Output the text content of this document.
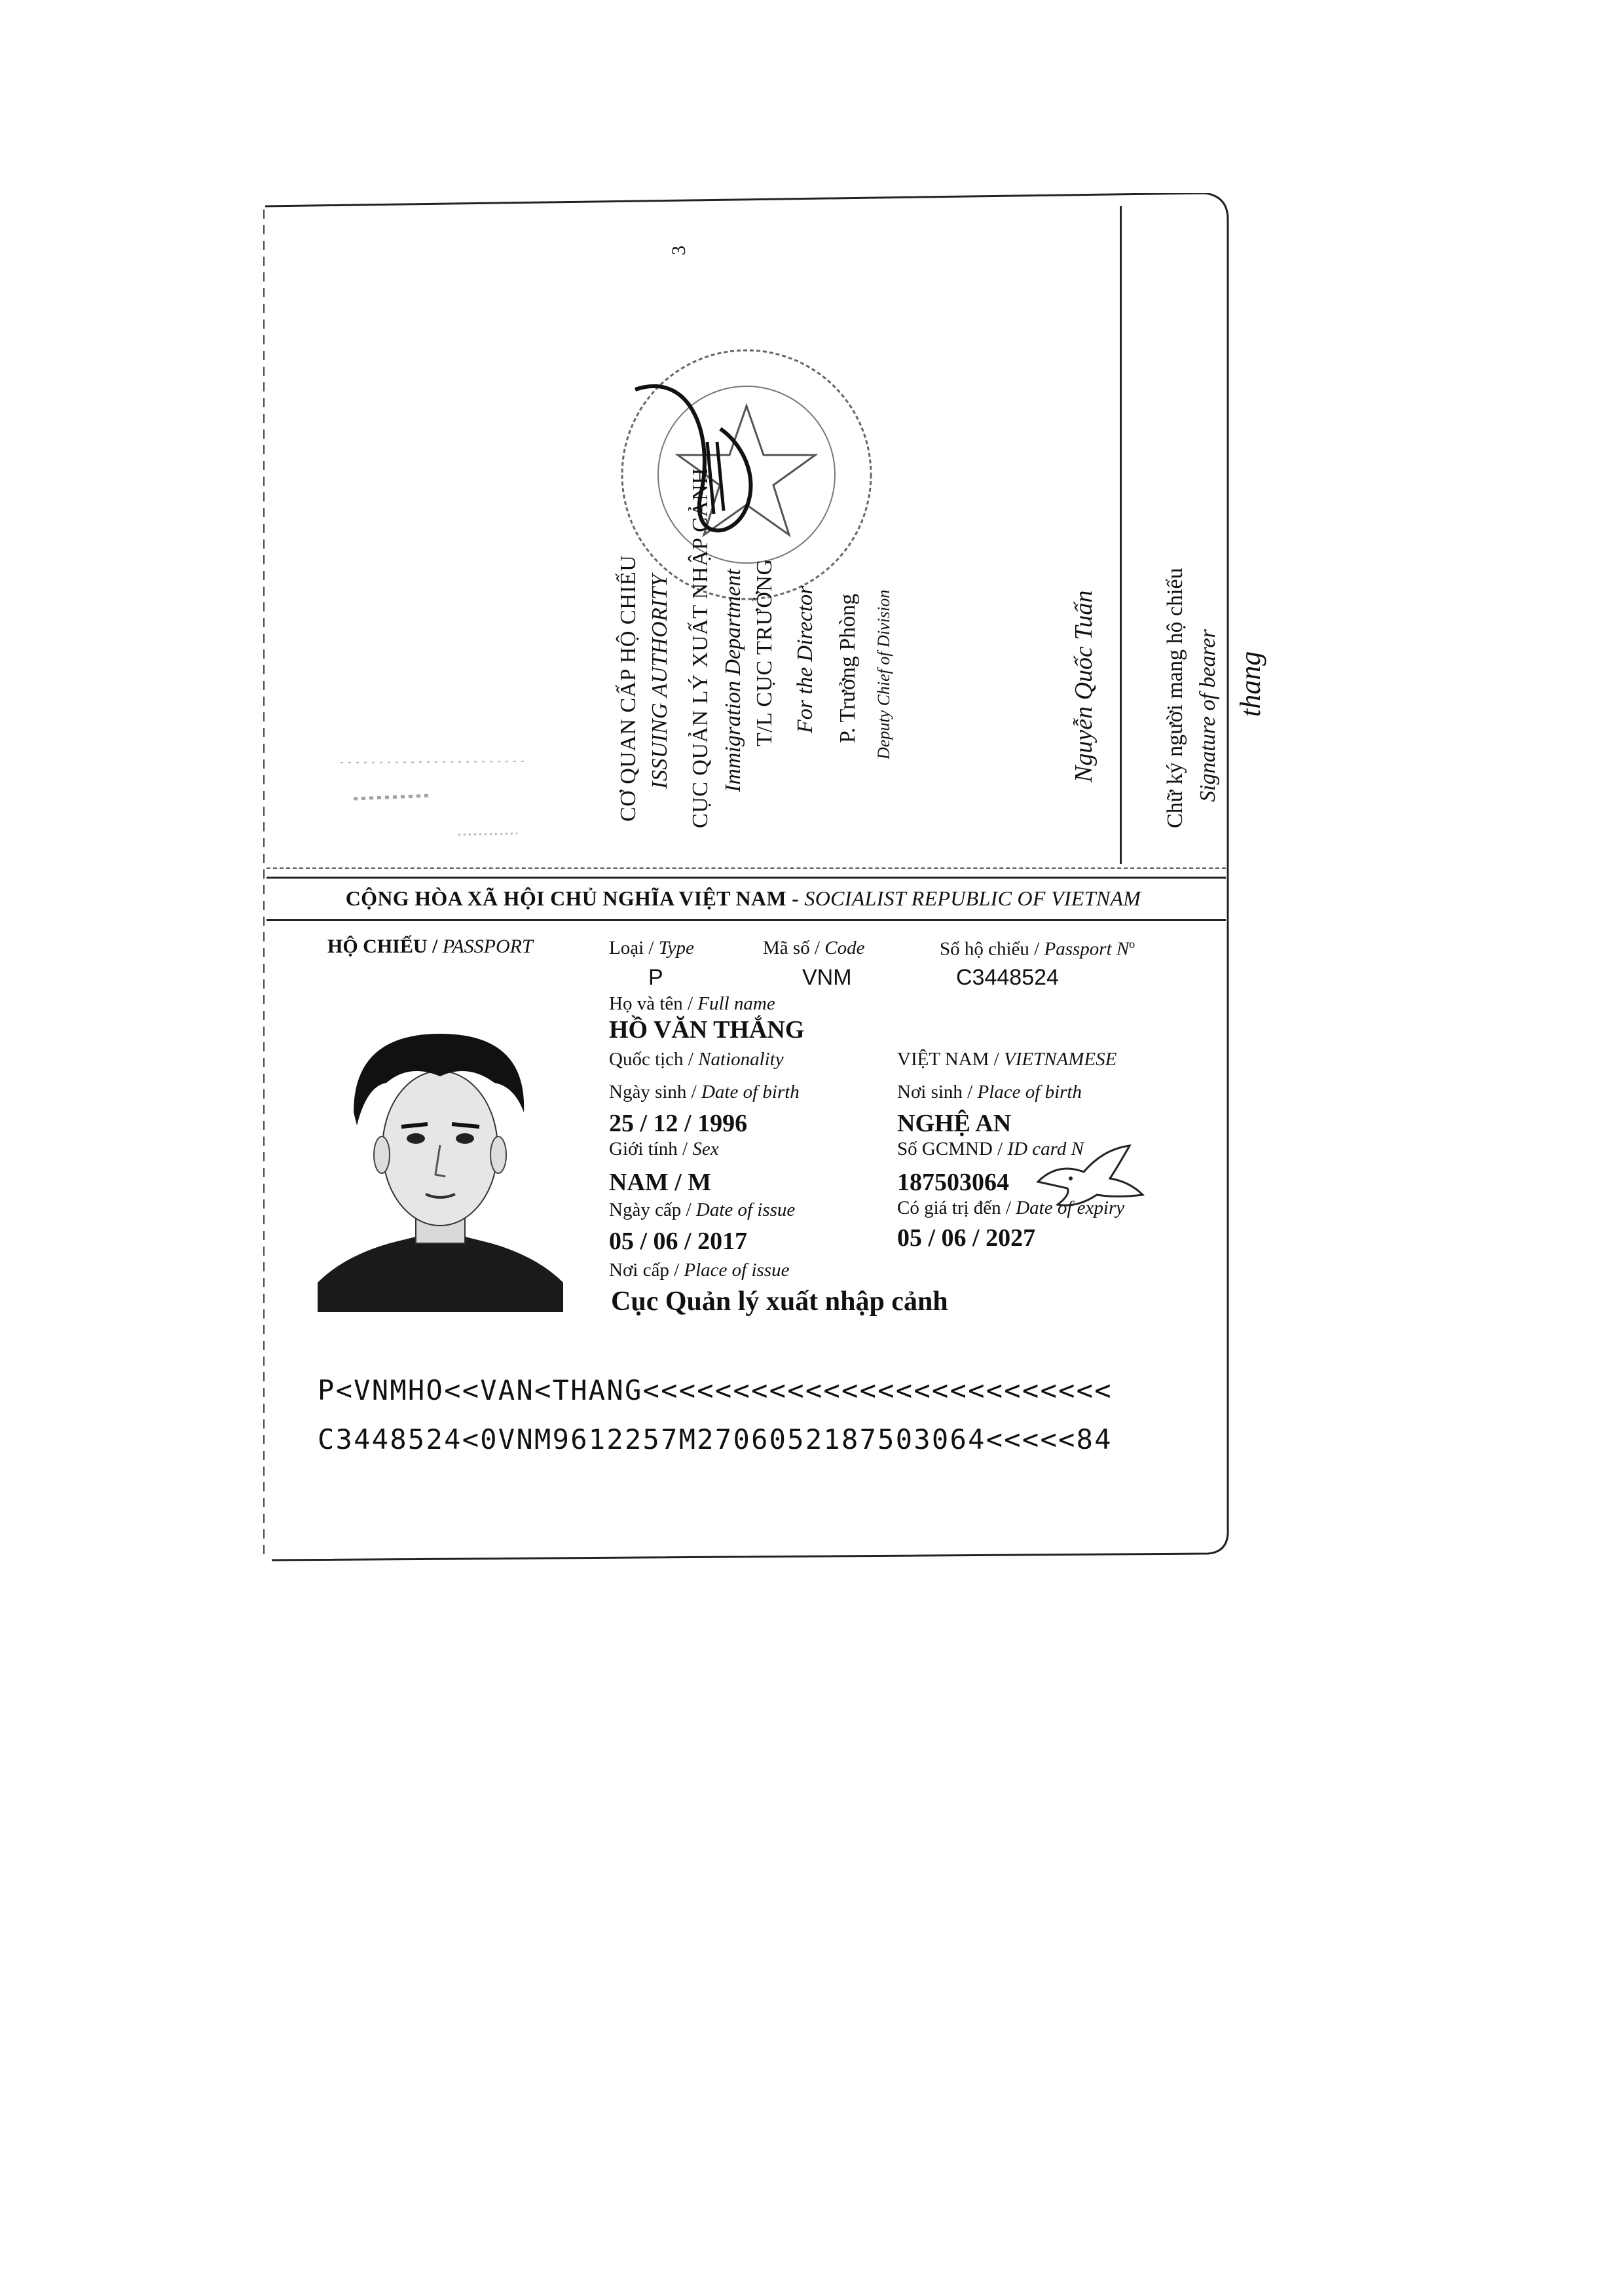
3
CƠ QUAN CẤP HỘ CHIẾU ISSUING AUTHORITY CỤC QUẢN LÝ XUẤT NHẬP CẢNH Immigration Department T/L CỤC TRƯỞNG For the Director P. Trưởng Phòng Deputy Chief of Division	Nguyễn Quốc Tuấn	Chữ ký người mang hộ chiếu Signature of bearer thang
CỘNG HÒA XÃ HỘI CHỦ NGHĨA VIỆT NAM - SOCIALIST REPUBLIC OF VIETNAM
HỘ CHIẾU / PASSPORT	Loại / Type	Mã số / Code	Số hộ chiếu / Passport $N^o$
P	VNM	C3448524
Họ và tên / Full name
HỒ VĂN THẮNG
Quốc tịch / Nationality	VIỆT NAM / VIETNAMESE
Ngày sinh / Date of birth	Nơi sinh / Place of birth
25 / 12 / 1996	NGHỆ AN
Giới tính / Sex	Số GCMND / ID card N
NAM / M	187503064
Ngày cấp / Date of issue	Có giá trị đến / Date of expiry
05 / 06 / 2017	05 / 06 / 2027
Nơi cấp / Place of issue
Cục Quản lý xuất nhập cảnh
P<VNMHO<<VAN<THANG<<<<<<<<<<<<<<<<<<<<<<<<<<
C3448524<0VNM9612257M2706052187503064<<<<<84
